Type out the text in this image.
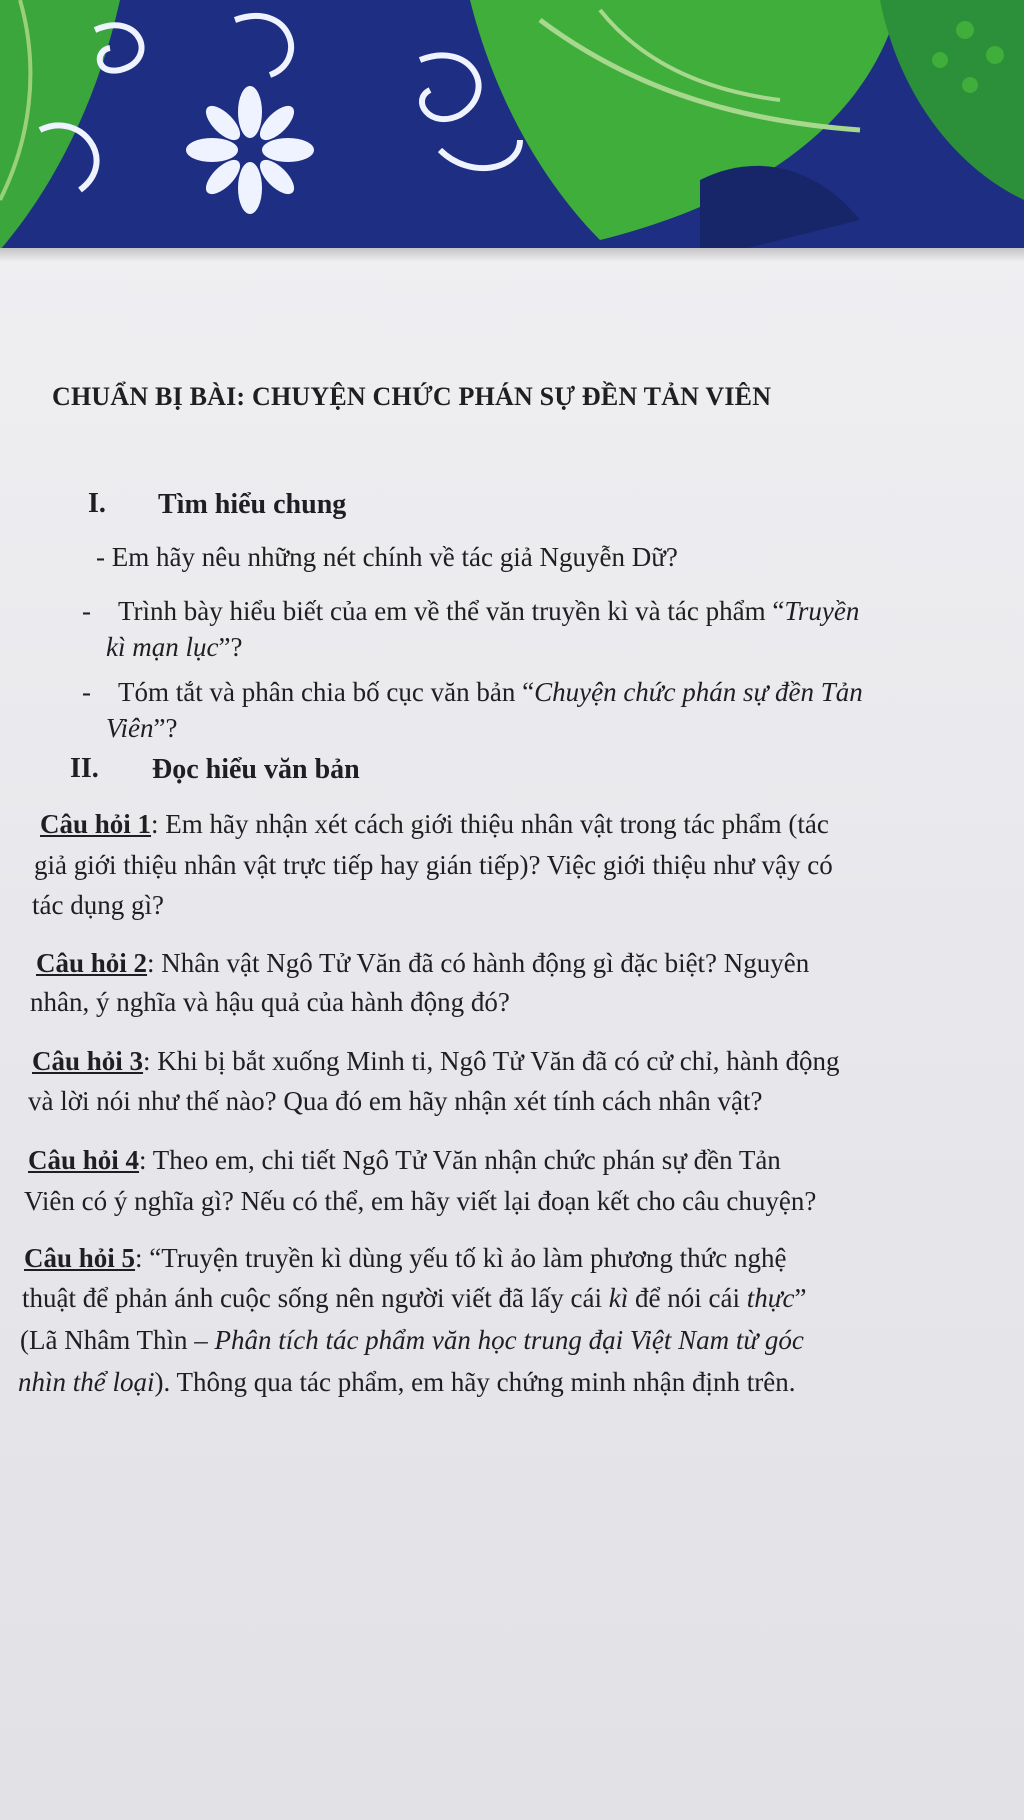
CHUẨN BỊ BÀI: CHUYỆN CHỨC PHÁN SỰ ĐỀN TẢN VIÊN
I. Tìm hiểu chung
- Em hãy nêu những nét chính về tác giả Nguyễn Dữ?
- Trình bày hiểu biết của em về thể văn truyền kì và tác phẩm “Truyền
kì mạn lục”?
- Tóm tắt và phân chia bố cục văn bản “Chuyện chức phán sự đền Tản
Viên”?
II. Đọc hiểu văn bản
Câu hỏi 1: Em hãy nhận xét cách giới thiệu nhân vật trong tác phẩm (tác
giả giới thiệu nhân vật trực tiếp hay gián tiếp)? Việc giới thiệu như vậy có
tác dụng gì?
Câu hỏi 2: Nhân vật Ngô Tử Văn đã có hành động gì đặc biệt? Nguyên
nhân, ý nghĩa và hậu quả của hành động đó?
Câu hỏi 3: Khi bị bắt xuống Minh ti, Ngô Tử Văn đã có cử chỉ, hành động
và lời nói như thế nào? Qua đó em hãy nhận xét tính cách nhân vật?
Câu hỏi 4: Theo em, chi tiết Ngô Tử Văn nhận chức phán sự đền Tản
Viên có ý nghĩa gì? Nếu có thể, em hãy viết lại đoạn kết cho câu chuyện?
Câu hỏi 5: “Truyện truyền kì dùng yếu tố kì ảo làm phương thức nghệ
thuật để phản ánh cuộc sống nên người viết đã lấy cái kì để nói cái thực”
(Lã Nhâm Thìn – Phân tích tác phẩm văn học trung đại Việt Nam từ góc
nhìn thể loại). Thông qua tác phẩm, em hãy chứng minh nhận định trên.
